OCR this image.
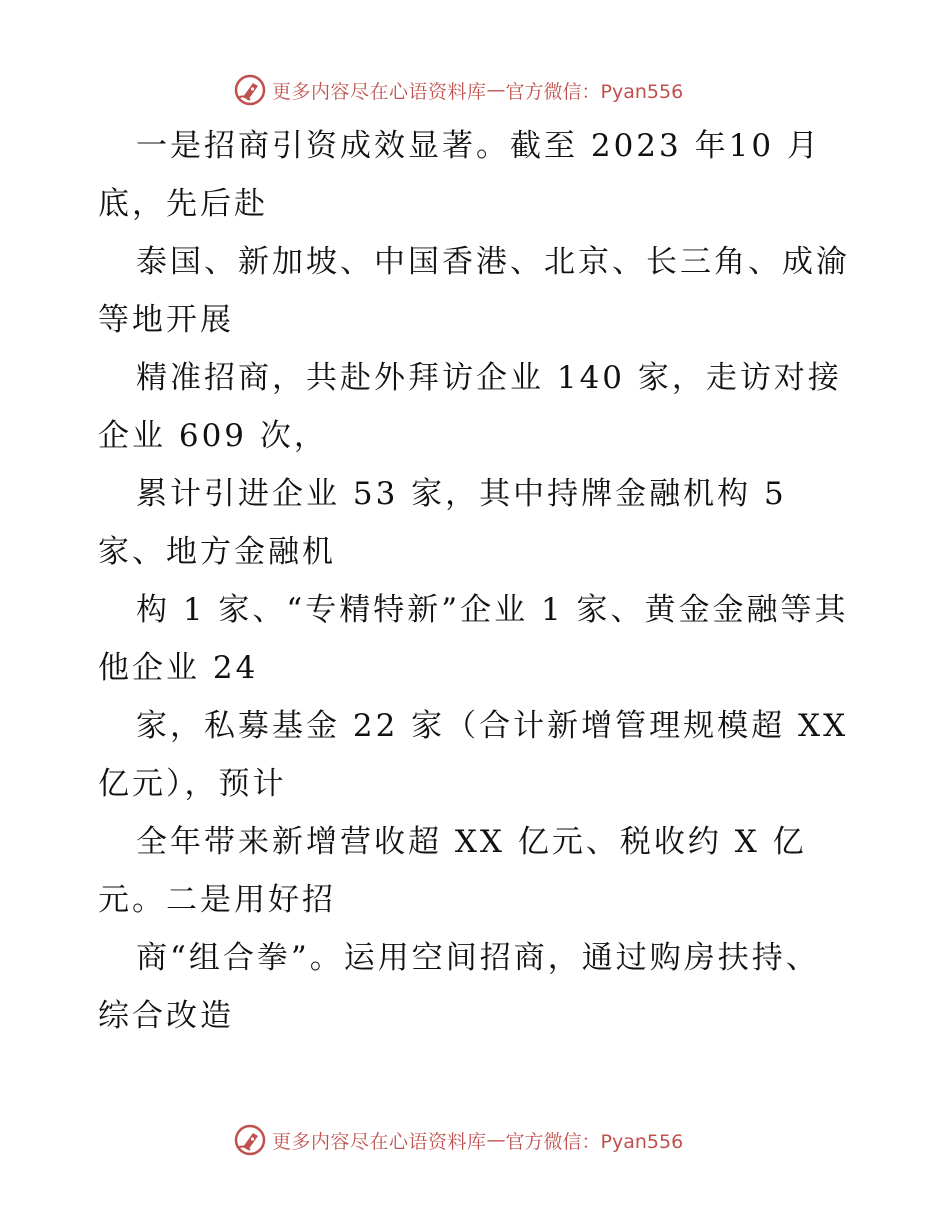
更多内容尽在心语资料库 — 官方微信：Pyan556

一是招商引资成效显著。截至 2023 年10 月
底，先后赴

泰国、新加坡、中国香港、北京、长三角、成渝
等地开展

精准招商，共赴外拜访企业 140 家，走访对接
企业 609 次，

累计引进企业 53 家，其中持牌金融机构 5
家、地方金融机

构 1 家、“专精特新”企业 1 家、黄金金融等其
他企业 24

家，私募基金 22 家（合计新增管理规模超 XX
亿元），预计

全年带来新增营收超 XX 亿元、税收约 X 亿
元。二是用好招

商“组合拳”。运用空间招商，通过购房扶持、
综合改造

更多内容尽在心语资料库 — 官方微信：Pyan556
